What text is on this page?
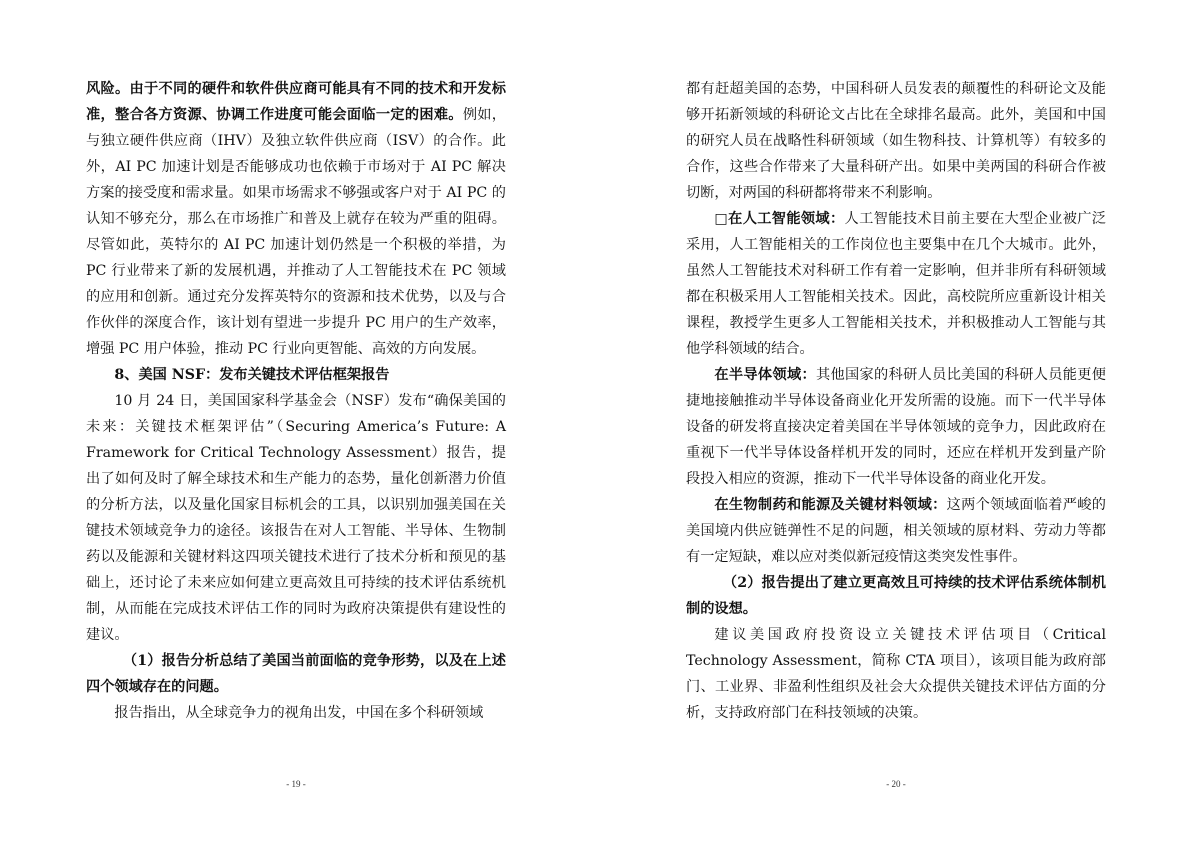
风险。由于不同的硬件和软件供应商可能具有不同的技术和开发标准，整合各方资源、协调工作进度可能会面临一定的困难。例如，与独立硬件供应商（IHV）及独立软件供应商（ISV）的合作。此外，AI PC 加速计划是否能够成功也依赖于市场对于 AI PC 解决方案的接受度和需求量。如果市场需求不够强或客户对于 AI PC 的认知不够充分，那么在市场推广和普及上就存在较为严重的阻碍。尽管如此，英特尔的 AI PC 加速计划仍然是一个积极的举措，为 PC 行业带来了新的发展机遇，并推动了人工智能技术在 PC 领域的应用和创新。通过充分发挥英特尔的资源和技术优势，以及与合作伙伴的深度合作，该计划有望进一步提升 PC 用户的生产效率，增强 PC 用户体验，推动 PC 行业向更智能、高效的方向发展。

8、美国 NSF：发布关键技术评估框架报告

10 月 24 日，美国国家科学基金会（NSF）发布“确保美国的未来：关键技术框架评估”（Securing America’s Future: A Framework for Critical Technology Assessment）报告，提出了如何及时了解全球技术和生产能力的态势，量化创新潜力价值的分析方法，以及量化国家目标机会的工具，以识别加强美国在关键技术领域竞争力的途径。该报告在对人工智能、半导体、生物制药以及能源和关键材料这四项关键技术进行了技术分析和预见的基础上，还讨论了未来应如何建立更高效且可持续的技术评估系统机制，从而能在完成技术评估工作的同时为政府决策提供有建设性的建议。

（1）报告分析总结了美国当前面临的竞争形势，以及在上述四个领域存在的问题。

报告指出，从全球竞争力的视角出发，中国在多个科研领域

- 19 -

都有赶超美国的态势，中国科研人员发表的颠覆性的科研论文及能够开拓新领域的科研论文占比在全球排名最高。此外，美国和中国的研究人员在战略性科研领域（如生物科技、计算机等）有较多的合作，这些合作带来了大量科研产出。如果中美两国的科研合作被切断，对两国的科研都将带来不利影响。

□在人工智能领域：人工智能技术目前主要在大型企业被广泛采用，人工智能相关的工作岗位也主要集中在几个大城市。此外，虽然人工智能技术对科研工作有着一定影响，但并非所有科研领域都在积极采用人工智能相关技术。因此，高校院所应重新设计相关课程，教授学生更多人工智能相关技术，并积极推动人工智能与其他学科领域的结合。

在半导体领域：其他国家的科研人员比美国的科研人员能更便捷地接触推动半导体设备商业化开发所需的设施。而下一代半导体设备的研发将直接决定着美国在半导体领域的竞争力，因此政府在重视下一代半导体设备样机开发的同时，还应在样机开发到量产阶段投入相应的资源，推动下一代半导体设备的商业化开发。

在生物制药和能源及关键材料领域：这两个领域面临着严峻的美国境内供应链弹性不足的问题，相关领域的原材料、劳动力等都有一定短缺，难以应对类似新冠疫情这类突发性事件。

（2）报告提出了建立更高效且可持续的技术评估系统体制机制的设想。

建议美国政府投资设立关键技术评估项目（Critical Technology Assessment，简称 CTA 项目），该项目能为政府部门、工业界、非盈利性组织及社会大众提供关键技术评估方面的分析，支持政府部门在科技领域的决策。

- 20 -
